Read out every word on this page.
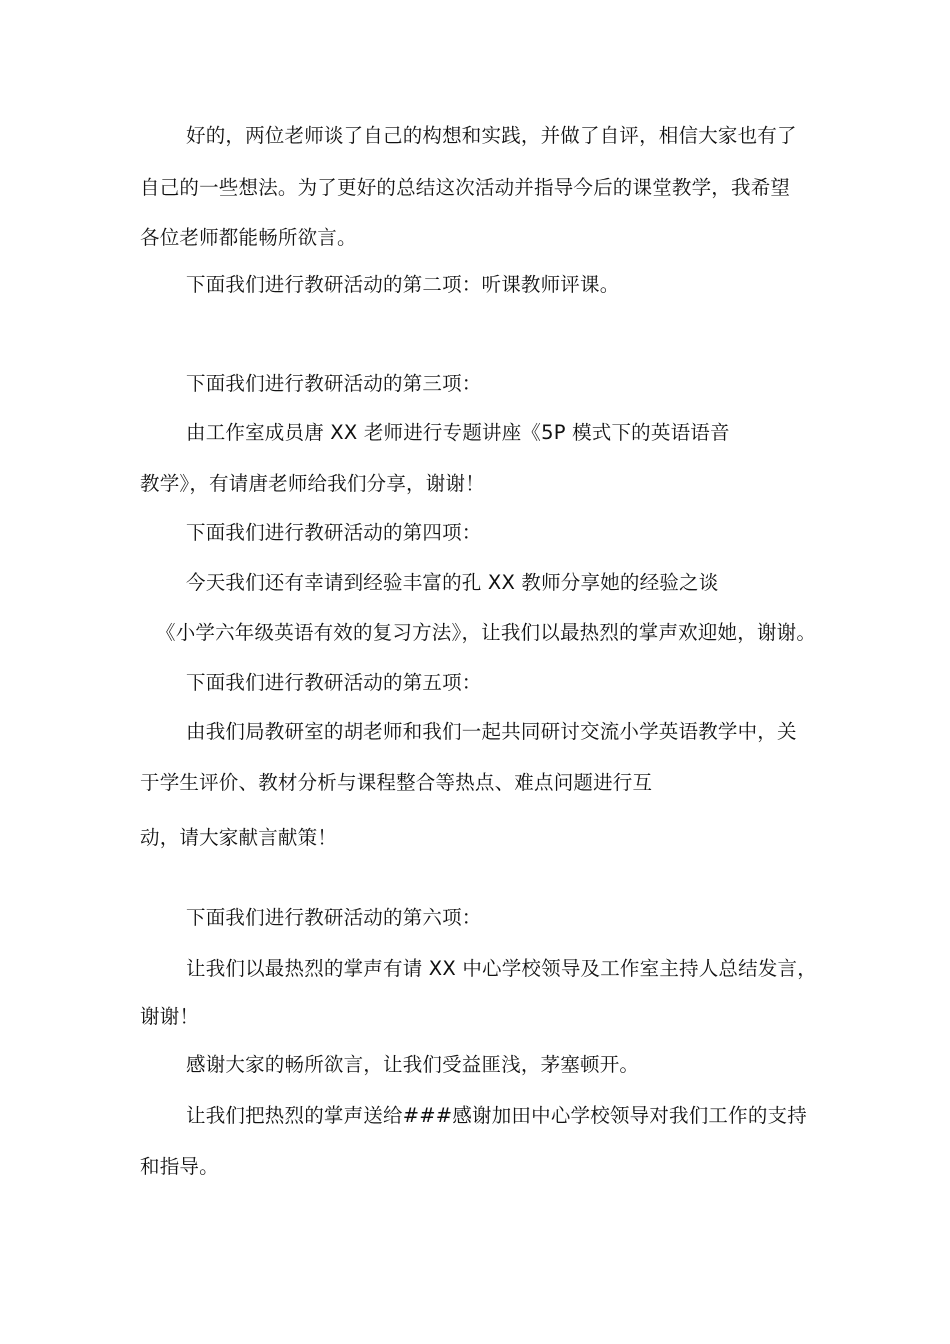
好的，两位老师谈了自己的构想和实践，并做了自评，相信大家也有了

自己的一些想法。为了更好的总结这次活动并指导今后的课堂教学，我希望

各位老师都能畅所欲言。

下面我们进行教研活动的第二项：听课教师评课。

下面我们进行教研活动的第三项：

由工作室成员唐 XX 老师进行专题讲座《5P 模式下的英语语音

教学》，有请唐老师给我们分享，谢谢！

下面我们进行教研活动的第四项：

今天我们还有幸请到经验丰富的孔 XX 教师分享她的经验之谈

《小学六年级英语有效的复习方法》，让我们以最热烈的掌声欢迎她，谢谢。

下面我们进行教研活动的第五项：

由我们局教研室的胡老师和我们一起共同研讨交流小学英语教学中，关

于学生评价、教材分析与课程整合等热点、难点问题进行互

动，请大家献言献策！

下面我们进行教研活动的第六项：

让我们以最热烈的掌声有请 XX 中心学校领导及工作室主持人总结发言，

谢谢！

感谢大家的畅所欲言，让我们受益匪浅，茅塞顿开。

让我们把热烈的掌声送给###感谢加田中心学校领导对我们工作的支持

和指导。
